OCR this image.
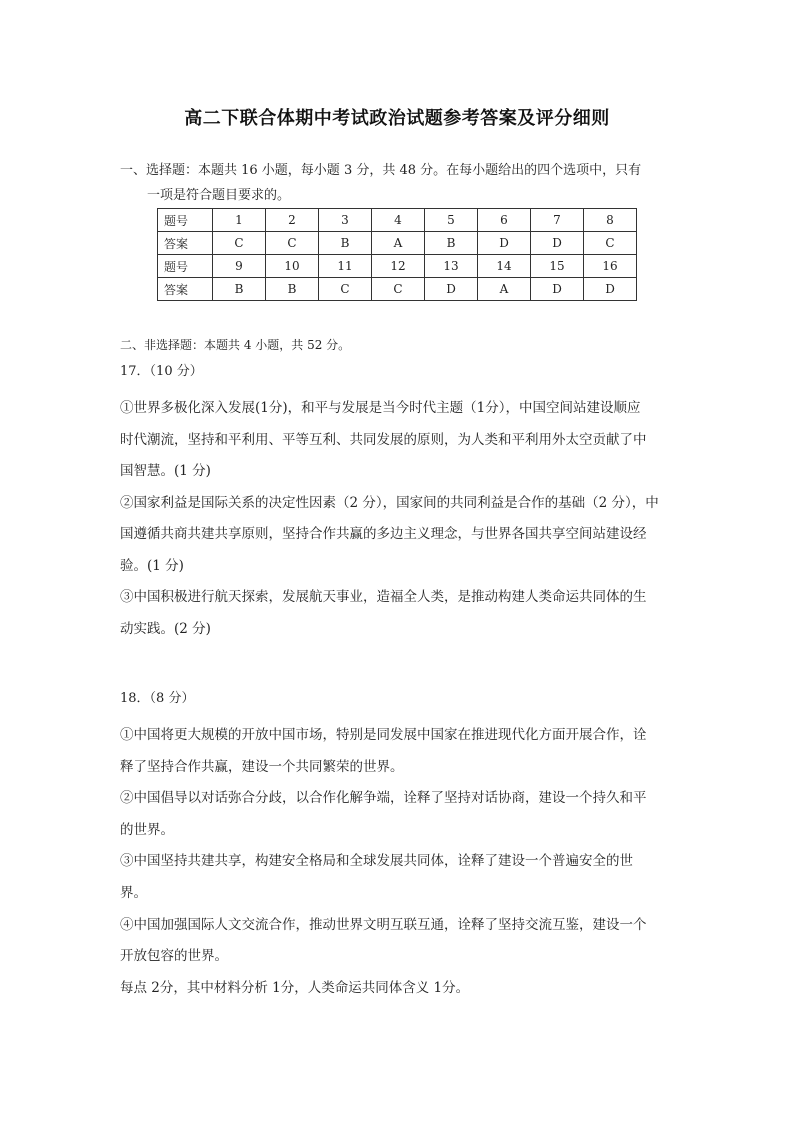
高二下联合体期中考试政治试题参考答案及评分细则
一、选择题：本题共 16 小题，每小题 3 分，共 48 分。在每小题给出的四个选项中，只有
一项是符合题目要求的。
题号	1	2	3	4	5	6	7	8
答案	C	C	B	A	B	D	D	C
题号	9	10	11	12	13	14	15	16
答案	B	B	C	C	D	A	D	D
二、非选择题：本题共 4 小题，共 52 分。
17．（10 分）
①世界多极化深入发展(1分)，和平与发展是当今时代主题（1分），中国空间站建设顺应
时代潮流，坚持和平利用、平等互利、共同发展的原则，为人类和平利用外太空贡献了中
国智慧。(1 分)
②国家利益是国际关系的决定性因素（2 分），国家间的共同利益是合作的基础（2 分），中
国遵循共商共建共享原则，坚持合作共赢的多边主义理念，与世界各国共享空间站建设经
验。(1 分)
③中国积极进行航天探索，发展航天事业，造福全人类，是推动构建人类命运共同体的生
动实践。(2 分)
18．（8 分）
①中国将更大规模的开放中国市场，特别是同发展中国家在推进现代化方面开展合作，诠
释了坚持合作共赢，建设一个共同繁荣的世界。
②中国倡导以对话弥合分歧，以合作化解争端，诠释了坚持对话协商，建设一个持久和平
的世界。
③中国坚持共建共享，构建安全格局和全球发展共同体，诠释了建设一个普遍安全的世
界。
④中国加强国际人文交流合作，推动世界文明互联互通，诠释了坚持交流互鉴，建设一个
开放包容的世界。
每点 2分，其中材料分析 1分，人类命运共同体含义 1分。
